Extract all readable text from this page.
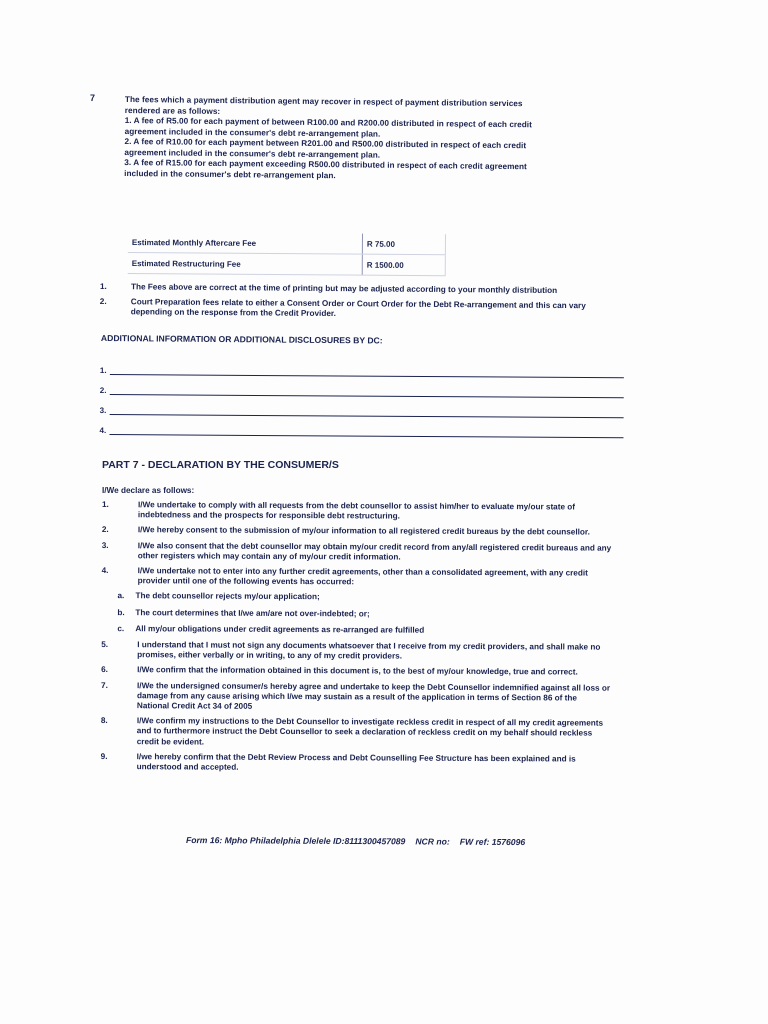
7	The fees which a payment distribution agent may recover in respect of payment distribution services
rendered are as follows:
1. A fee of R5.00 for each payment of between R100.00 and R200.00 distributed in respect of each credit
agreement included in the consumer's debt re-arrangement plan.
2. A fee of R10.00 for each payment between R201.00 and R500.00 distributed in respect of each credit
agreement included in the consumer's debt re-arrangement plan.
3. A fee of R15.00 for each payment exceeding R500.00 distributed in respect of each credit agreement
included in the consumer's debt re-arrangement plan.
Estimated Monthly Aftercare Fee	R 75.00
Estimated Restructuring Fee	R 1500.00
1.	The Fees above are correct at the time of printing but may be adjusted according to your monthly distribution
2.	Court Preparation fees relate to either a Consent Order or Court Order for the Debt Re-arrangement and this can vary depending on the response from the Credit Provider.
ADDITIONAL INFORMATION OR ADDITIONAL DISCLOSURES BY DC:
1.
2.
3.
4.
PART 7 - DECLARATION BY THE CONSUMER/S
I/We declare as follows:
1.	I/We undertake to comply with all requests from the debt counsellor to assist him/her to evaluate my/our state of indebtedness and the prospects for responsible debt restructuring.
2.	I/We hereby consent to the submission of my/our information to all registered credit bureaus by the debt counsellor.
3.	I/We also consent that the debt counsellor may obtain my/our credit record from any/all registered credit bureaus and any other registers which may contain any of my/our credit information.
4.	I/We undertake not to enter into any further credit agreements, other than a consolidated agreement, with any credit provider until one of the following events has occurred:
a.	The debt counsellor rejects my/our application;
b.	The court determines that I/we am/are not over-indebted; or;
c.	All my/our obligations under credit agreements as re-arranged are fulfilled
5.	I understand that I must not sign any documents whatsoever that I receive from my credit providers, and shall make no promises, either verbally or in writing, to any of my credit providers.
6.	I/We confirm that the information obtained in this document is, to the best of my/our knowledge, true and correct.
7.	I/We the undersigned consumer/s hereby agree and undertake to keep the Debt Counsellor indemnified against all loss or damage from any cause arising which I/we may sustain as a result of the application in terms of Section 86 of the National Credit Act 34 of 2005
8.	I/We confirm my instructions to the Debt Counsellor to investigate reckless credit in respect of all my credit agreements and to furthermore instruct the Debt Counsellor to seek a declaration of reckless credit on my behalf should reckless credit be evident.
9.	I/we hereby confirm that the Debt Review Process and Debt Counselling Fee Structure has been explained and is understood and accepted.
Form 16: Mpho Philadelphia Dlelele ID:8111300457089 NCR no: FW ref: 1576096
